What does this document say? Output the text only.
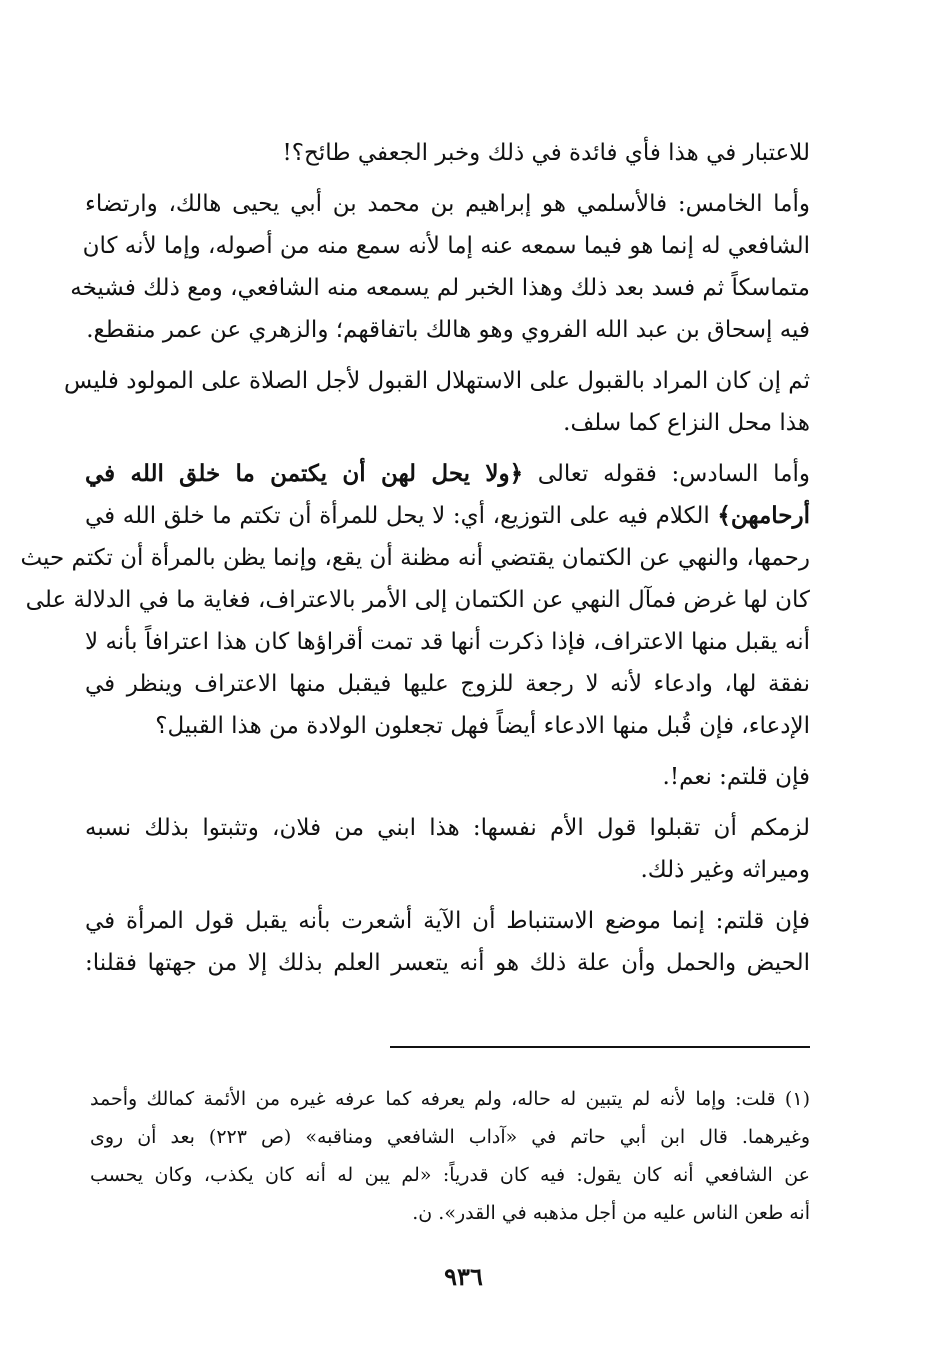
للاعتبار في هذا فأي فائدة في ذلك وخبر الجعفي طائح؟!
وأما الخامس: فالأسلمي هو إبراهيم بن محمد بن أبي يحيى هالك، وارتضاء
الشافعي له إنما هو فيما سمعه عنه إما لأنه سمع منه من أصوله، وإما لأنه كان
متماسكاً ثم فسد بعد ذلك وهذا الخبر لم يسمعه منه الشافعي، ومع ذلك فشيخه
فيه إسحاق بن عبد الله الفروي وهو هالك باتفاقهم؛ والزهري عن عمر منقطع.
ثم إن كان المراد بالقبول على الاستهلال القبول لأجل الصلاة على المولود فليس
هذا محل النزاع كما سلف.
وأما السادس: فقوله تعالى ﴿ولا يحل لهن أن يكتمن ما خلق الله في
أرحامهن﴾ الكلام فيه على التوزيع، أي: لا يحل للمرأة أن تكتم ما خلق الله في
رحمها، والنهي عن الكتمان يقتضي أنه مظنة أن يقع، وإنما يظن بالمرأة أن تكتم حيث
كان لها غرض فمآل النهي عن الكتمان إلى الأمر بالاعتراف، فغاية ما في الدلالة على
أنه يقبل منها الاعتراف، فإذا ذكرت أنها قد تمت أقراؤها كان هذا اعترافاً بأنه لا
نفقة لها، وادعاء لأنه لا رجعة للزوج عليها فيقبل منها الاعتراف وينظر في
الإدعاء، فإن قُبل منها الادعاء أيضاً فهل تجعلون الولادة من هذا القبيل؟
فإن قلتم: نعم!.
لزمكم أن تقبلوا قول الأم نفسها: هذا ابني من فلان، وتثبتوا بذلك نسبه
وميراثه وغير ذلك.
فإن قلتم: إنما موضع الاستنباط أن الآية أشعرت بأنه يقبل قول المرأة في
الحيض والحمل وأن علة ذلك هو أنه يتعسر العلم بذلك إلا من جهتها فقلنا:
(١) قلت: وإما لأنه لم يتبين له حاله، ولم يعرفه كما عرفه غيره من الأئمة كمالك وأحمد
وغيرهما. قال ابن أبي حاتم في «آداب الشافعي ومناقبه» (ص ٢٢٣) بعد أن روى
عن الشافعي أنه كان يقول: فيه كان قدرياً: «لم يبن له أنه كان يكذب، وكان يحسب
أنه طعن الناس عليه من أجل مذهبه في القدر». ن.
٩٣٦
